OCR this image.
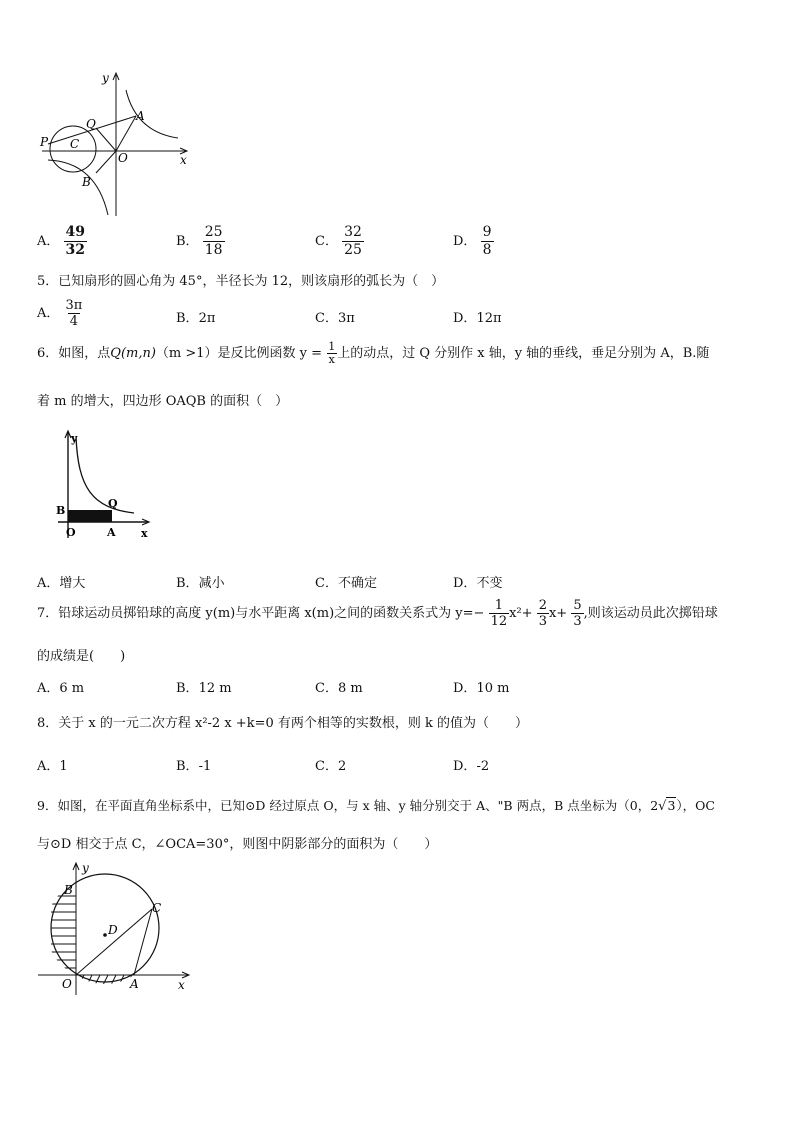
y
x
O
A
Q
P C
B
A． $\frac{49}{32}$	B． $\frac{25}{18}$	C． $\frac{32}{25}$	D． $\frac{9}{8}$
5．已知扇形的圆心角为 45°，半径长为 12，则该扇形的弧长为（　）
A． $\frac{3\pi}{4}$	B．2π	C．3π	D．12π
6．如图，点Q(m,n)（m >1）是反比例函数 $y = \frac{1}{x}$ 上的动点，过 Q 分别作 x 轴，y 轴的垂线，垂足分别为 A，B.随
着 m 的增大，四边形 OAQB 的面积（　）
y
x
O	A
B
Q
A．增大	B．减小	C．不确定	D．不变
7．铅球运动员掷铅球的高度 y(m)与水平距离 x(m)之间的函数关系式为 $y=- \frac{1}{12} x^2+ \frac{2}{3} x+ \frac{5}{3}$ ,则该运动员此次掷铅球
的成绩是(　　)
A．6 m	B．12 m	C．8 m	D．10 m
8．关于 x 的一元二次方程 x²-2 x +k=0 有两个相等的实数根，则 k 的值为（　　）
A．1	B．-1	C．2	D．-2
9．如图，在平面直角坐标系中，已知⊙D 经过原点 O，与 x 轴、y 轴分别交于 A、"B 两点，B 点坐标为（0，2√3），OC
与⊙D 相交于点 C，∠OCA=30°，则图中阴影部分的面积为（　　）
y
x
O	A
B
C
D
